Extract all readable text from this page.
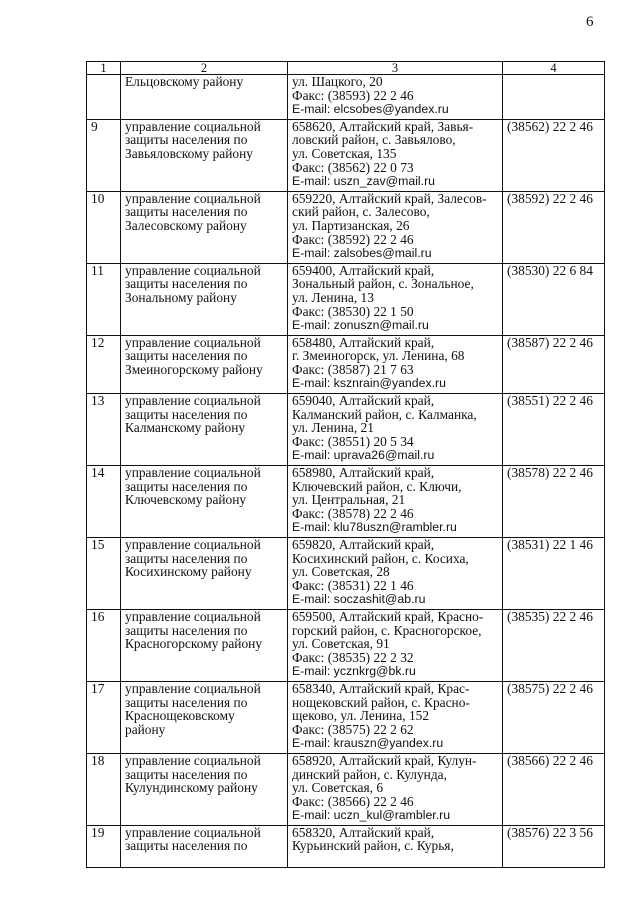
6
1	2	3	4
	Ельцовскому району	ул. Шацкого, 20
Факс: (38593) 22 2 46
E-mail: elcsobes@yandex.ru	
9	управление социальной
защиты населения по
Завьяловскому району	658620, Алтайский край, Завья-
ловский район, с. Завьялово,
ул. Советская, 135
Факс: (38562) 22 0 73
E-mail: uszn_zav@mail.ru	(38562) 22 2 46
10	управление социальной
защиты населения по
Залесовскому району	659220, Алтайский край, Залесов-
ский район, с. Залесово,
ул. Партизанская, 26
Факс: (38592) 22 2 46
E-mail: zalsobes@mail.ru	(38592) 22 2 46
11	управление социальной
защиты населения по
Зональному району	659400, Алтайский край,
Зональный район, с. Зональное,
ул. Ленина, 13
Факс: (38530) 22 1 50
E-mail: zonuszn@mail.ru	(38530) 22 6 84
12	управление социальной
защиты населения по
Змеиногорскому району	658480, Алтайский край,
г. Змеиногорск, ул. Ленина, 68
Факс: (38587) 21 7 63
E-mail: ksznrain@yandex.ru	(38587) 22 2 46
13	управление социальной
защиты населения по
Калманскому району	659040, Алтайский край,
Калманский район, с. Калманка,
ул. Ленина, 21
Факс: (38551) 20 5 34
E-mail: uprava26@mail.ru	(38551) 22 2 46
14	управление социальной
защиты населения по
Ключевскому району	658980, Алтайский край,
Ключевский район, с. Ключи,
ул. Центральная, 21
Факс: (38578) 22 2 46
E-mail: klu78uszn@rambler.ru	(38578) 22 2 46
15	управление социальной
защиты населения по
Косихинскому району	659820, Алтайский край,
Косихинский район, с. Косиха,
ул. Советская, 28
Факс: (38531) 22 1 46
E-mail: soczashit@ab.ru	(38531) 22 1 46
16	управление социальной
защиты населения по
Красногорскому району	659500, Алтайский край, Красно-
горский район, с. Красногорское,
ул. Советская, 91
Факс: (38535) 22 2 32
E-mail: ycznkrg@bk.ru	(38535) 22 2 46
17	управление социальной
защиты населения по
Краснощековскому
району	658340, Алтайский край, Крас-
нощековский район, с. Красно-
щеково, ул. Ленина, 152
Факс: (38575) 22 2 62
E-mail: krauszn@yandex.ru	(38575) 22 2 46
18	управление социальной
защиты населения по
Кулундинскому району	658920, Алтайский край, Кулун-
динский район, с. Кулунда,
ул. Советская, 6
Факс: (38566) 22 2 46
E-mail: uczn_kul@rambler.ru	(38566) 22 2 46
19	управление социальной
защиты населения по	658320, Алтайский край,
Курьинский район, с. Курья,	(38576) 22 3 56
